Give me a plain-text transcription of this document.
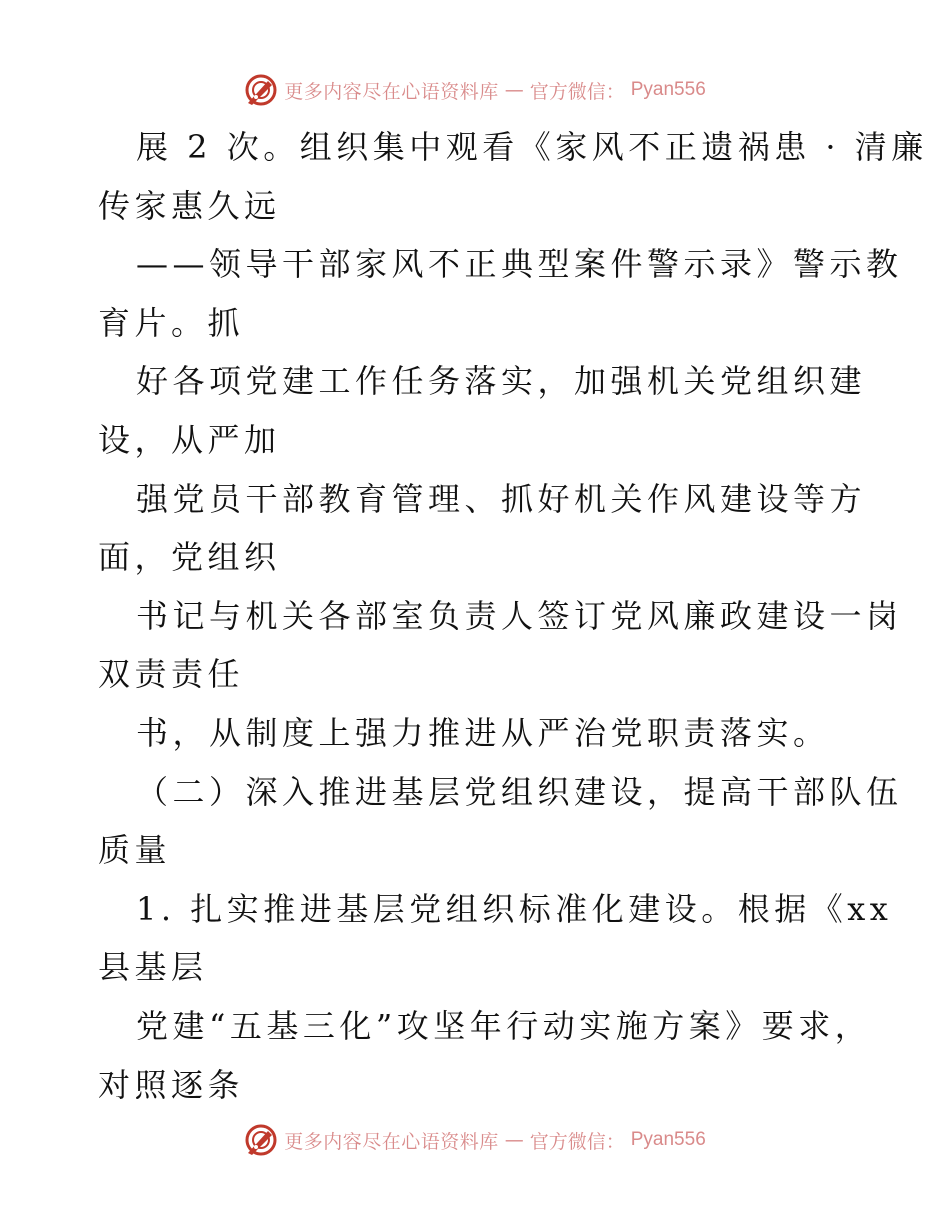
更多内容尽在心语资料库 — 官方微信： Pyan556
展 2 次。组织集中观看《家风不正遗祸患 · 清廉
传家惠久远
——领导干部家风不正典型案件警示录》警示教
育片。抓
好各项党建工作任务落实，加强机关党组织建
设，从严加
强党员干部教育管理、抓好机关作风建设等方
面，党组织
书记与机关各部室负责人签订党风廉政建设一岗
双责责任
书，从制度上强力推进从严治党职责落实。
（二）深入推进基层党组织建设，提高干部队伍
质量
1. 扎实推进基层党组织标准化建设。根据《xx
县基层
党建“五基三化”攻坚年行动实施方案》要求，
对照逐条
更多内容尽在心语资料库 — 官方微信： Pyan556
